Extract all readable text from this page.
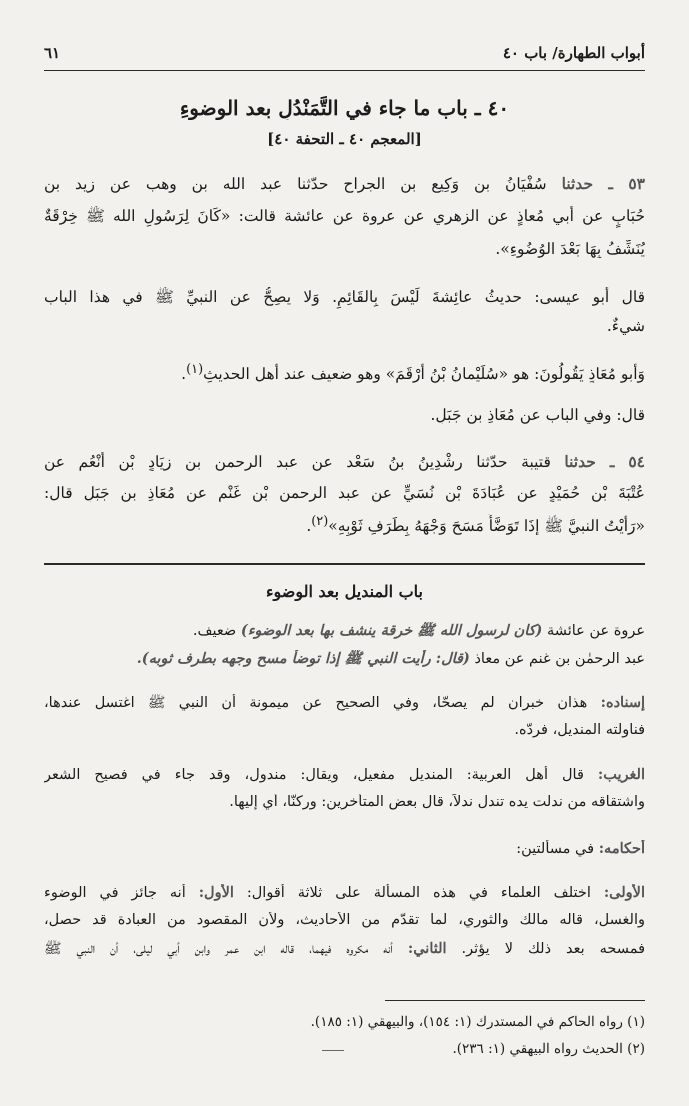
أبواب الطهارة/ باب ٤٠
٦١
٤٠ ـ باب ما جاء في التَّمَنْدُلِ بعد الوضوءِ
[المعجم ٤٠ ـ التحفة ٤٠]
٥٣ ـ حدثنا سُفْيَانُ بن وَكِيعٍ بن الجراح حدّثنا عبد الله بن وهب عن زيد بن
حُبَابٍ عن أبي مُعاذٍ عن الزهري عن عروة عن عائشة قالت: «كَانَ لِرَسُولِ الله ﷺ خِرْقَةٌ
يُنَشِّفُ بِهَا بَعْدَ الوُضُوءِ».
قال أبو عيسى: حديثُ عائِشةَ لَيْسَ بِالقَائِمِ. وَلا يصِحُّ عن النبيِّ ﷺ في هذا الباب
شيءٌ.
وَأبو مُعَاذٍ يَقُولُونَ: هو «سُلَيْمانُ بْنُ أرْقَمَ» وهو ضعيف عند أهل الحديثِ$^{(١)}$.
قال: وفي الباب عن مُعَاذِ بن جَبَلٍ.
٥٤ ـ حدثنا قتيبة حدّثنا رِشْدِينُ بنُ سَعْد عن عبد الرحمن بنِ زِيَادٍ بْنِ أنْعُمٍ عن
عُتْبَةَ بْنِ حُمَيْدٍ عن عُبَادَةَ بْنِ نُسَيٍّ عن عبد الرحمن بْنِ غَنْمٍ عن مُعَاذِ بنِ جَبَلٍ قال:
«رَأيْتُ النبيَّ ﷺ إذَا تَوَضَّأَ مَسَحَ وَجْهَهُ بِطَرَفِ ثَوْبِهِ»$^{(٢)}$.
باب المنديل بعد الوضوء
عروة عن عائشة (كان لرسول الله ﷺ خرقة ينشف بها بعد الوضوء) ضعيف.
عبد الرحمٰن بن غنم عن معاذ (قال: رأيت النبي ﷺ إذا توضأ مسح وجهه بطرف ثوبه).
إسناده: هذان خبران لم يصحّا، وفي الصحيح عن ميمونة أن النبي ﷺ اغتسل عندها،
فناولته المنديل، فردّه.
الغريب: قال أهل العربية: المنديل مفعيل، ويقال: مندول، وقد جاء في فصيح الشعر
واشتقاقه من ندلت يده تندل ندلاً، قال بعض المتأخرين: وركنّا، أي إليها.
أحكامه: في مسألتين:
الأولى: اختلف العلماء في هذه المسألة على ثلاثة أقوال: الأول: أنه جائز في الوضوء
والغسل، قاله مالك والثوري، لما تقدّم من الأحاديث، ولأن المقصود من العبادة قد حصل،
فمسحه بعد ذلك لا يؤثر. الثاني: أنه مكروه فيهما، قاله ابن عمر وابن أبي ليلى، أن النبي ﷺ
(١) رواه الحاكم في المستدرك (١: ١٥٤)، والبيهقي (١: ١٨٥).
(٢) الحديث رواه البيهقي (١: ٢٣٦).
